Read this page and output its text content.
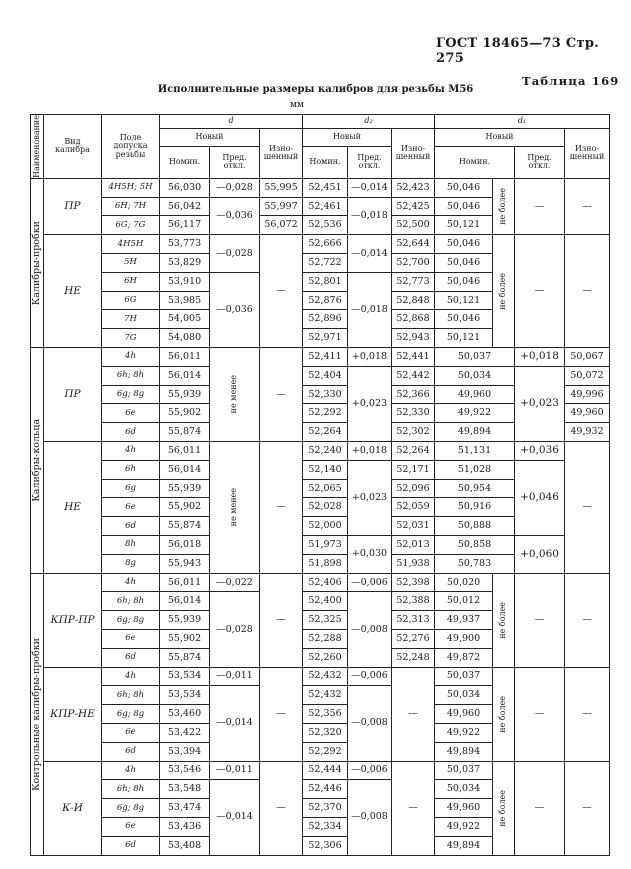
ГОСТ 18465—73 Стр. 275
Таблица 169
Исполнительные размеры калибров для резьбы М56
мм
Наименование	Вид калибра	Поле допуска резьбы	d			d₂			d₁			
			Новый		Изно-шенный	Новый		Изно-шенный	Новый			Изно-шенный
			Номин.	Пред. откл.		Номин.	Пред. откл.		Номин.		Пред. откл.	

Калибры-пробки	ПР	4H5H; 5H	56,030	—0,028	55,995	52,451	—0,014	52,423	50,046	не более	—	—
		6H; 7H	56,042	—0,036	55,997	52,461	—0,018	52,425	50,046			
		6G; 7G	56,117		56,072	52,536		52,500	50,121			
	НЕ	4H5H	53,773	—0,028	—	52,666	—0,014	52,644	50,046	не более	—	—
		5H	53,829			52,722		52,700	50,046			
		6H	53,910	—0,036		52,801	—0,018	52,773	50,046			
		6G	53,985			52,876		52,848	50,121			
		7H	54,005			52,896		52,868	50,046			
		7G	54,080			52,971		52,943	50,121			

Калибры-кольца	ПР	4h	56,011	не менее	—	52,411	+0,018	52,441	50,037		+0,018	50,067
		6h; 8h	56,014			52,404	+0,023	52,442	50,034		+0,023	50,072
		6g; 8g	55,939			52,330		52,366	49,960			49,996
		6e	55,902			52,292		52,330	49,922			49,960
		6d	55,874			52,264		52,302	49,894			49,932
	НЕ	4h	56,011	не менее	—	52,240	+0,018	52,264	51,131		+0,036	—
		6h	56,014			52,140	+0,023	52,171	51,028		+0,046	
		6g	55,939			52,065		52,096	50,954			
		6e	55,902			52,028		52,059	50,916			
		6d	55,874			52,000		52,031	50,888			
		8h	56,018			51,973	+0,030	52,013	50,858		+0,060	
		8g	55,943			51,898		51,938	50,783			

Контрольные калибры-пробки	КПР-ПР	4h	56,011	—0,022	—	52,406	—0,006	52,398	50,020	не более	—	—
		6h; 8h	56,014	—0,028		52,400	—0,008	52,388	50,012			
		6g; 8g	55,939			52,325		52,313	49,937			
		6e	55,902			52,288		52,276	49,900			
		6d	55,874			52,260		52,248	49,872			
	КПР-НЕ	4h	53,534	—0,011	—	52,432	—0,006	—	50,037	не более	—	—
		6h; 8h	53,534	—0,014		52,432	—0,008		50,034			
		6g; 8g	53,460			52,356			49,960			
		6e	53,422			52,320			49,922			
		6d	53,394			52,292			49,894			
	К-И	4h	53,546	—0,011	—	52,444	—0,006	—	50,037	не более	—	—
		6h; 8h	53,548	—0,014		52,446	—0,008		50,034			
		6g; 8g	53,474			52,370			49,960			
		6e	53,436			52,334			49,922			
		6d	53,408			52,306			49,894			
